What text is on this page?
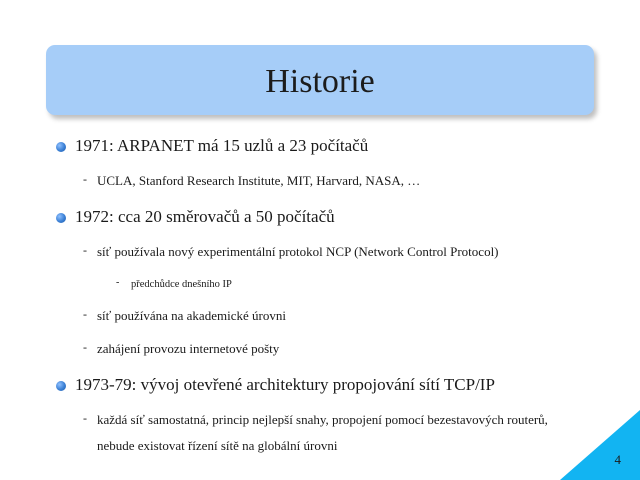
Historie
1971: ARPANET má 15 uzlů a 23 počítačů
- UCLA, Stanford Research Institute, MIT, Harvard, NASA, …
1972: cca 20 směrovačů a 50 počítačů
- síť používala nový experimentální protokol NCP (Network Control Protocol)
-	předchůdce dnešního IP
- síť používána na akademické úrovni
- zahájení provozu internetové pošty
1973-79: vývoj otevřené architektury propojování sítí TCP/IP
- každá síť samostatná, princip nejlepší snahy, propojení pomocí bezestavových routerů, nebude existovat řízení sítě na globální úrovni
4
